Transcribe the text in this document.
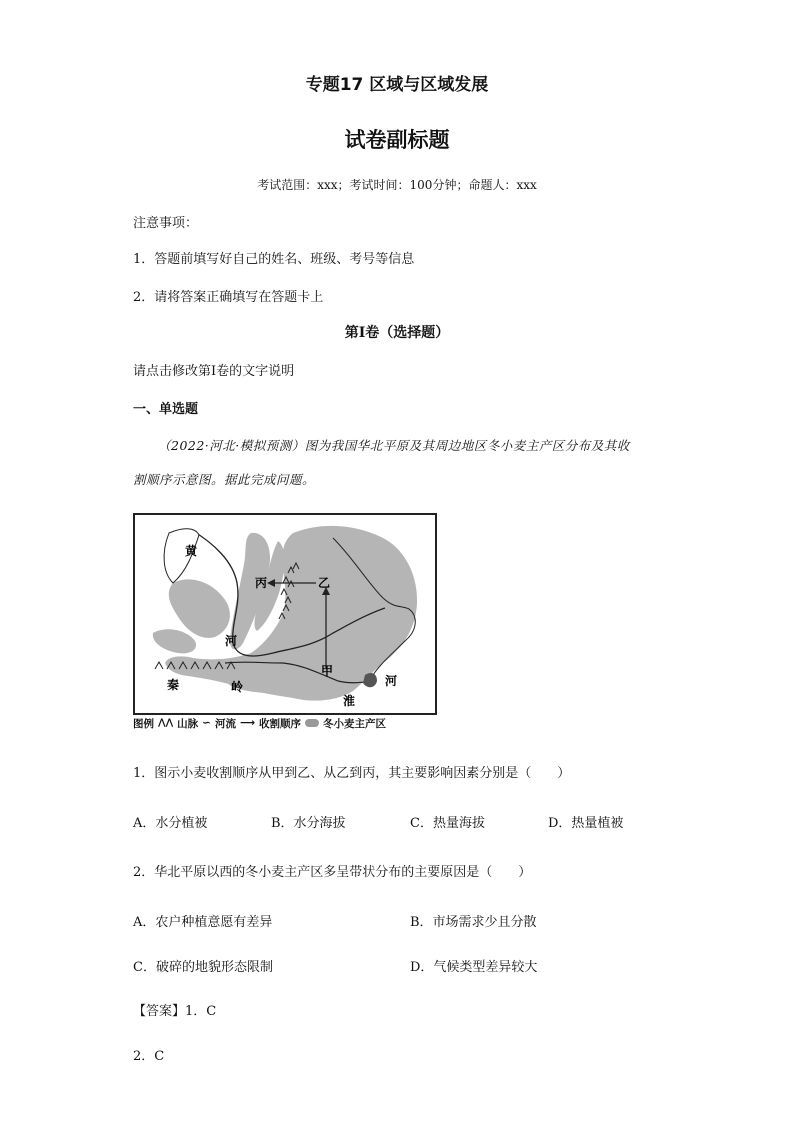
专题17 区域与区域发展
试卷副标题
考试范围：xxx；考试时间：100分钟；命题人：xxx
注意事项：
1．答题前填写好自己的姓名、班级、考号等信息
2．请将答案正确填写在答题卡上
第I卷（选择题）
请点击修改第I卷的文字说明
一、单选题
（2022·河北·模拟预测）图为我国华北平原及其周边地区冬小麦主产区分布及其收
割顺序示意图。据此完成问题。
黄
河
丙	乙
甲
秦	岭
淮
河
图例 ⋀⋀ 山脉 ∽ 河流 ⟶ 收割顺序 冬小麦主产区
1．图示小麦收割顺序从甲到乙、从乙到丙，其主要影响因素分别是（　　）
A．水分植被	B．水分海拔	C．热量海拔	D．热量植被
2．华北平原以西的冬小麦主产区多呈带状分布的主要原因是（　　）
A．农户种植意愿有差异	B．市场需求少且分散
C．破碎的地貌形态限制	D．气候类型差异较大
【答案】1．C
2．C
